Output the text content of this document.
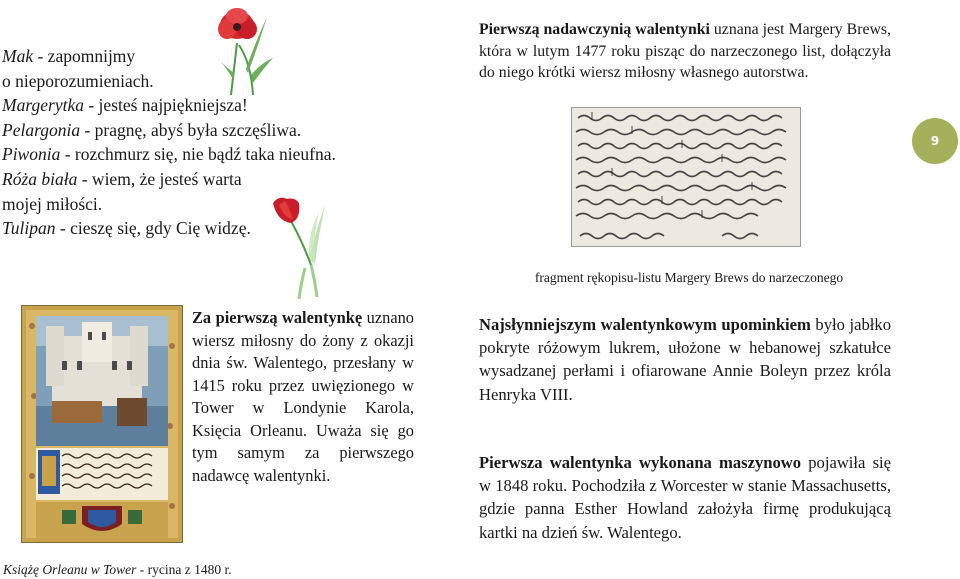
Mak - zapomnijmy
o nieporozumieniach.
Margerytka - jesteś najpiękniejsza!
Pelargonia - pragnę, abyś była szczęśliwa.
Piwonia - rozchmurz się, nie bądź taka nieufna.
Róża biała - wiem, że jesteś warta
mojej miłości.
Tulipan - cieszę się, gdy Cię widzę.
Pierwszą nadawczynią walentynki uznana jest Margery Brews, która w lutym 1477 roku pisząc do narzeczonego list, dołączyła do niego krótki wiersz miłosny własnego autorstwa.
9
fragment rękopisu-listu Margery Brews do narzeczonego
Za pierwszą walentynkę uznano wiersz miłosny do żony z okazji dnia św. Walentego, przesłany w 1415 roku przez uwięzionego w Tower w Londynie Karola, Księcia Orleanu. Uważa się go tym samym za pierwszego nadawcę walentynki.
Najsłynniejszym walentynkowym upominkiem było jabłko pokryte różowym lukrem, ułożone w hebanowej szkatułce wysadzanej perłami i ofiarowane Annie Boleyn przez króla Henryka VIII.
Pierwsza walentynka wykonana maszynowo pojawiła się w 1848 roku. Pochodziła z Worcester w stanie Massachusetts, gdzie panna Esther Howland założyła firmę produkującą kartki na dzień św. Walentego.
Książę Orleanu w Tower - rycina z 1480 r.
